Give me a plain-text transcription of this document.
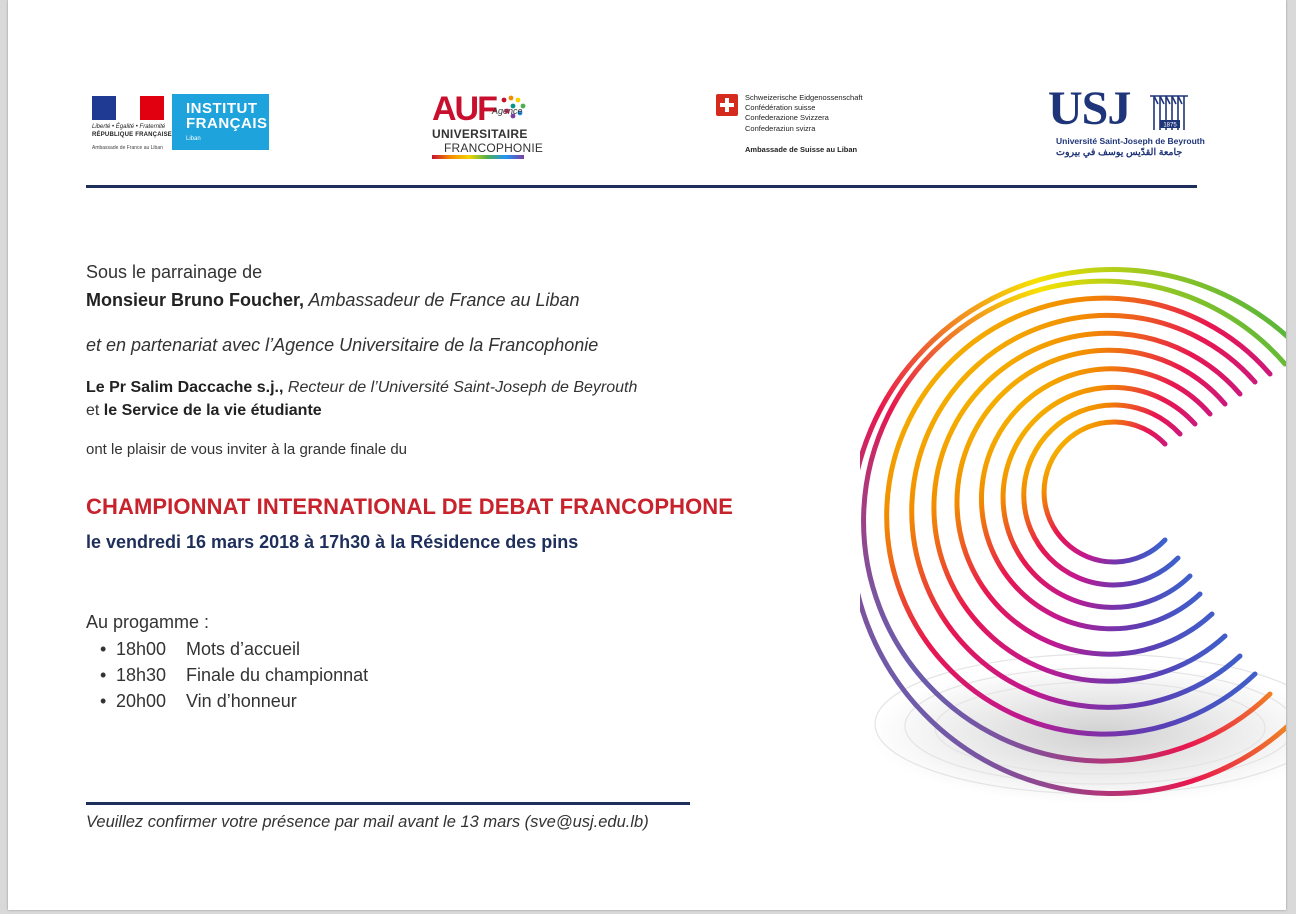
Liberté • Égalité • Fraternité
RÉPUBLIQUE FRANÇAISE
Ambassade de France au Liban
INSTITUT
FRANÇAIS
Liban
AUF
Agence
UNIVERSITAIRE
FRANCOPHONIE
Schweizerische Eidgenossenschaft
Confédération suisse
Confederazione Svizzera
Confederaziun svizra
Ambassade de Suisse au Liban
USJ	1875
Université Saint-Joseph de Beyrouth
جامعة القدّيس يوسف في بيروت
Sous le parrainage de
Monsieur Bruno Foucher, Ambassadeur de France au Liban
et en partenariat avec l’Agence Universitaire de la Francophonie
Le Pr Salim Daccache s.j., Recteur de l’Université Saint-Joseph de Beyrouth
et le Service de la vie étudiante
ont le plaisir de vous inviter à la grande finale du
CHAMPIONNAT INTERNATIONAL DE DEBAT FRANCOPHONE
le vendredi 16 mars 2018 à 17h30 à la Résidence des pins
Au progamme :
• 18h00 Mots d’accueil
• 18h30 Finale du championnat
• 20h00 Vin d’honneur
Veuillez confirmer votre présence par mail avant le 13 mars (sve@usj.edu.lb)
